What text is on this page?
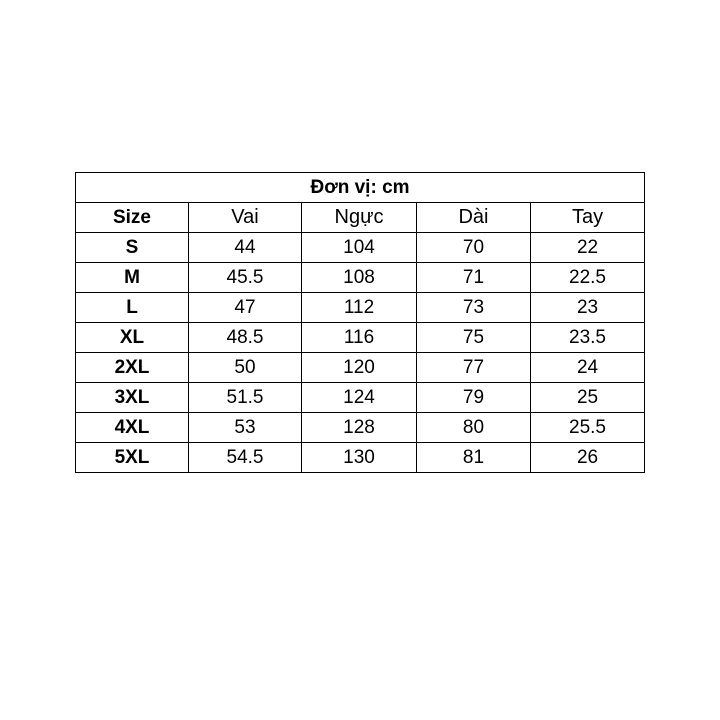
Đơn vị: cm				
Size	Vai	Ngực	Dài	Tay
S	44	104	70	22
M	45.5	108	71	22.5
L	47	112	73	23
XL	48.5	116	75	23.5
2XL	50	120	77	24
3XL	51.5	124	79	25
4XL	53	128	80	25.5
5XL	54.5	130	81	26
